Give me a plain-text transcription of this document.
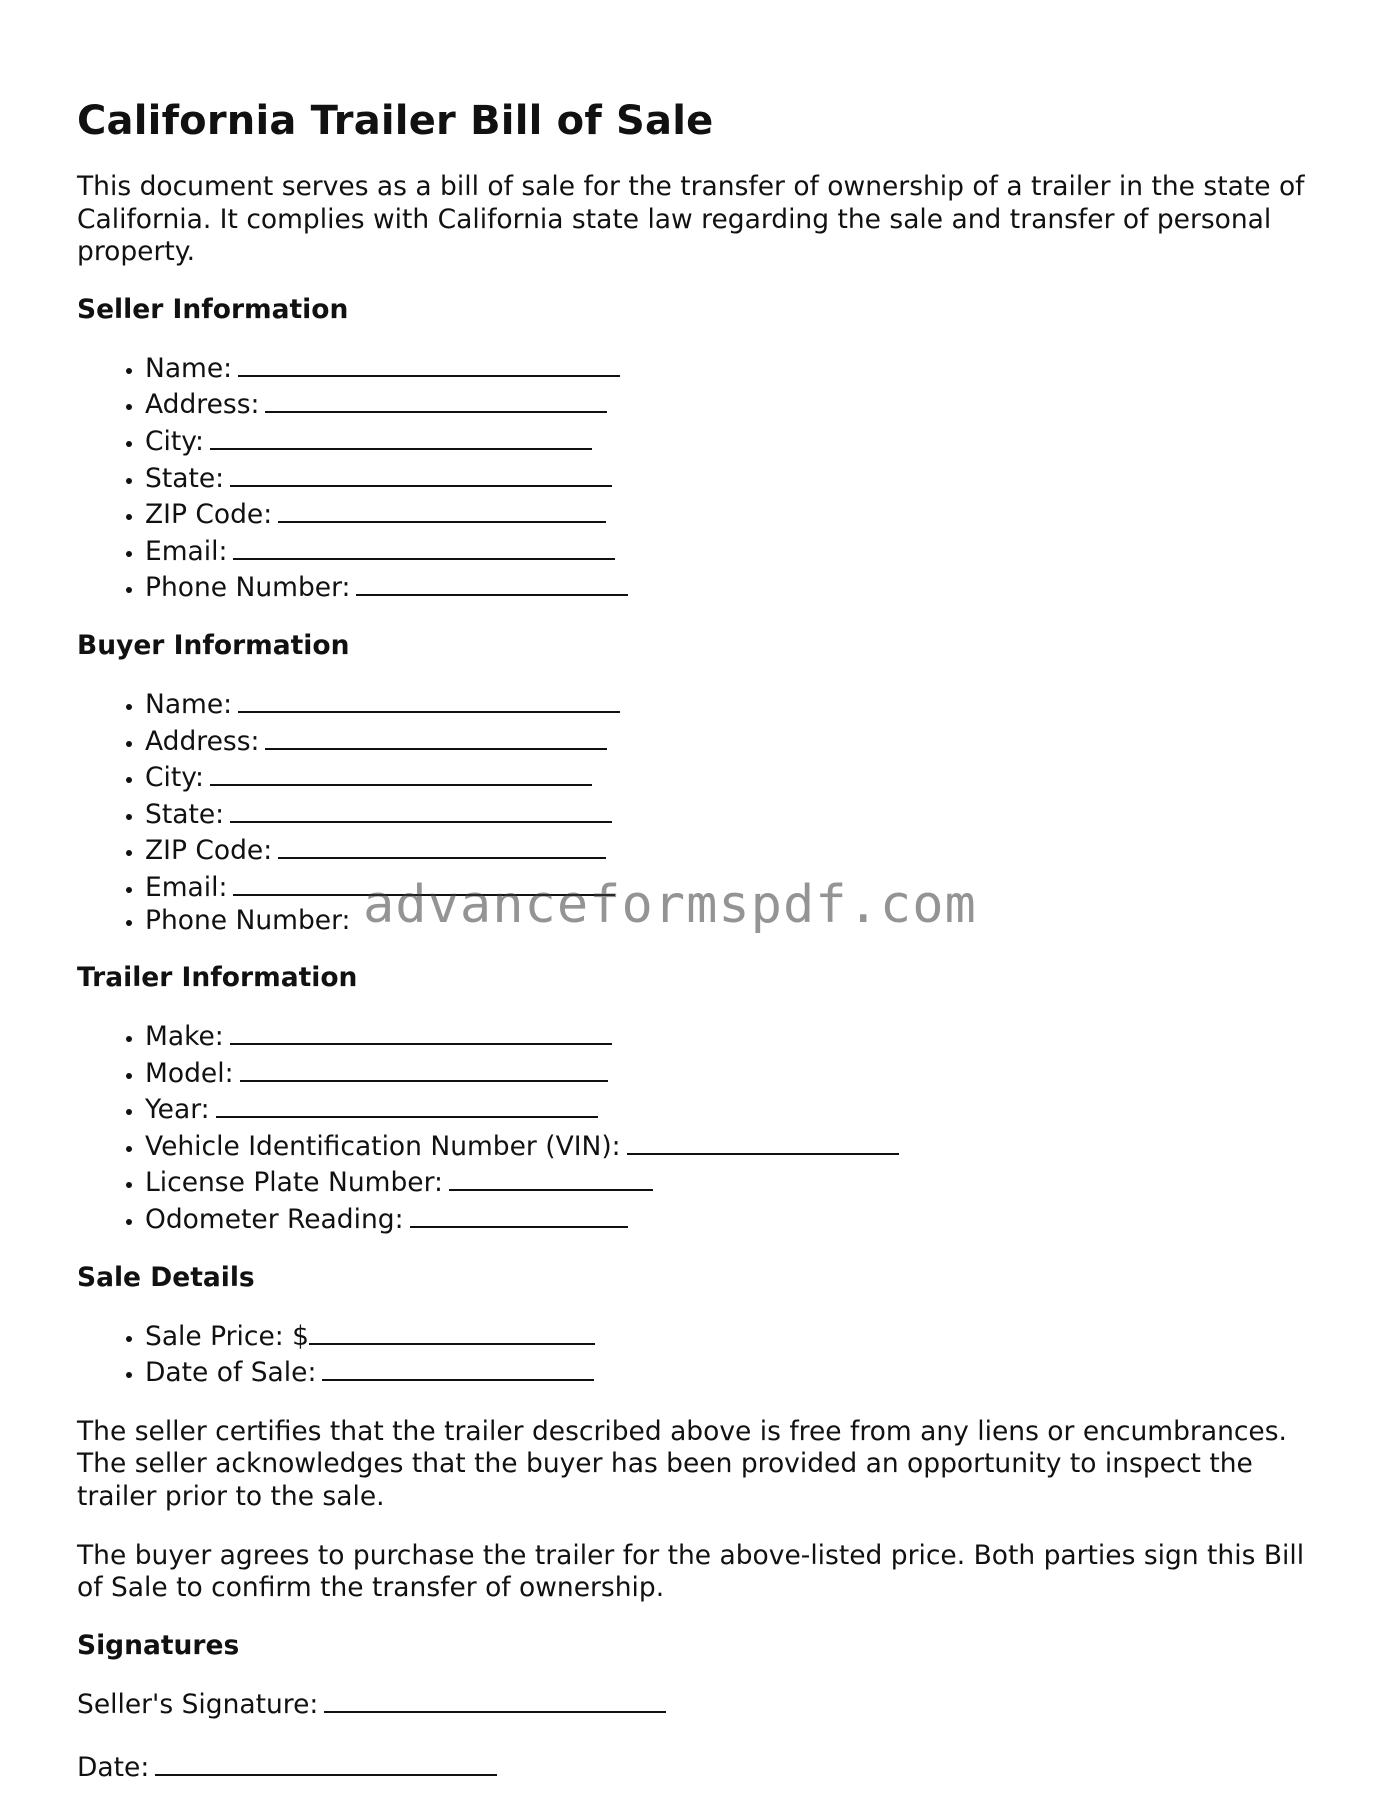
California Trailer Bill of Sale

This document serves as a bill of sale for the transfer of ownership of a trailer in the state of California. It complies with California state law regarding the sale and transfer of personal property.

Seller Information
• Name:
• Address:
• City:
• State:
• ZIP Code:
• Email:
• Phone Number:
Buyer Information
• Name:
• Address:
• City:
• State:
• ZIP Code:
• Email:
• Phone Number:
Trailer Information
• Make:
• Model:
• Year:
• Vehicle Identification Number (VIN):
• License Plate Number:
• Odometer Reading:
Sale Details
• Sale Price: $
• Date of Sale:

The seller certifies that the trailer described above is free from any liens or encumbrances. The seller acknowledges that the buyer has been provided an opportunity to inspect the trailer prior to the sale.

The buyer agrees to purchase the trailer for the above-listed price. Both parties sign this Bill of Sale to confirm the transfer of ownership.

Signatures

Seller's Signature:

Date:

advanceformspdf.com
